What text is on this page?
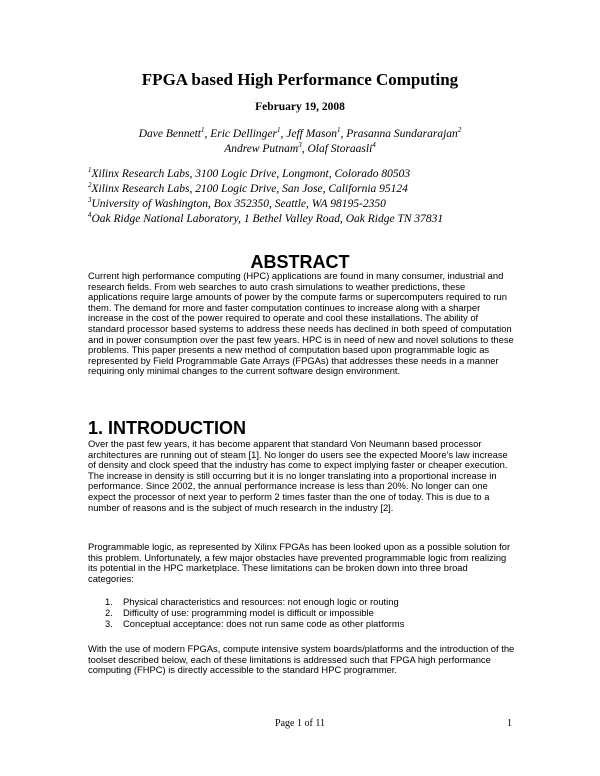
FPGA based High Performance Computing
February 19, 2008
Dave Bennett$^1$, Eric Dellinger$^1$, Jeff Mason$^1$, Prasanna Sundararajan$^2$
Andrew Putnam$^3$, Olaf Storaasli$^4$
$^1$Xilinx Research Labs, 3100 Logic Drive, Longmont, Colorado 80503
$^2$Xilinx Research Labs, 2100 Logic Drive, San Jose, California 95124
$^3$University of Washington, Box 352350, Seattle, WA 98195-2350
$^4$Oak Ridge National Laboratory, 1 Bethel Valley Road, Oak Ridge TN 37831
ABSTRACT
Current high performance computing (HPC) applications are found in many consumer, industrial and research fields. From web searches to auto crash simulations to weather predictions, these applications require large amounts of power by the compute farms or supercomputers required to run them. The demand for more and faster computation continues to increase along with a sharper increase in the cost of the power required to operate and cool these installations. The ability of standard processor based systems to address these needs has declined in both speed of computation and in power consumption over the past few years. HPC is in need of new and novel solutions to these problems. This paper presents a new method of computation based upon programmable logic as represented by Field Programmable Gate Arrays (FPGAs) that addresses these needs in a manner requiring only minimal changes to the current software design environment.
1. INTRODUCTION
Over the past few years, it has become apparent that standard Von Neumann based processor architectures are running out of steam [1]. No longer do users see the expected Moore's law increase of density and clock speed that the industry has come to expect implying faster or cheaper execution. The increase in density is still occurring but it is no longer translating into a proportional increase in performance. Since 2002, the annual performance increase is less than 20%. No longer can one expect the processor of next year to perform 2 times faster than the one of today. This is due to a number of reasons and is the subject of much research in the industry [2].
Programmable logic, as represented by Xilinx FPGAs has been looked upon as a possible solution for this problem. Unfortunately, a few major obstacles have prevented programmable logic from realizing its potential in the HPC marketplace. These limitations can be broken down into three broad categories:
1. Physical characteristics and resources: not enough logic or routing
2. Difficulty of use: programming model is difficult or impossible
3. Conceptual acceptance: does not run same code as other platforms
With the use of modern FPGAs, compute intensive system boards/platforms and the introduction of the toolset described below, each of these limitations is addressed such that FPGA high performance computing (FHPC) is directly accessible to the standard HPC programmer.
Page 1 of 11	1
